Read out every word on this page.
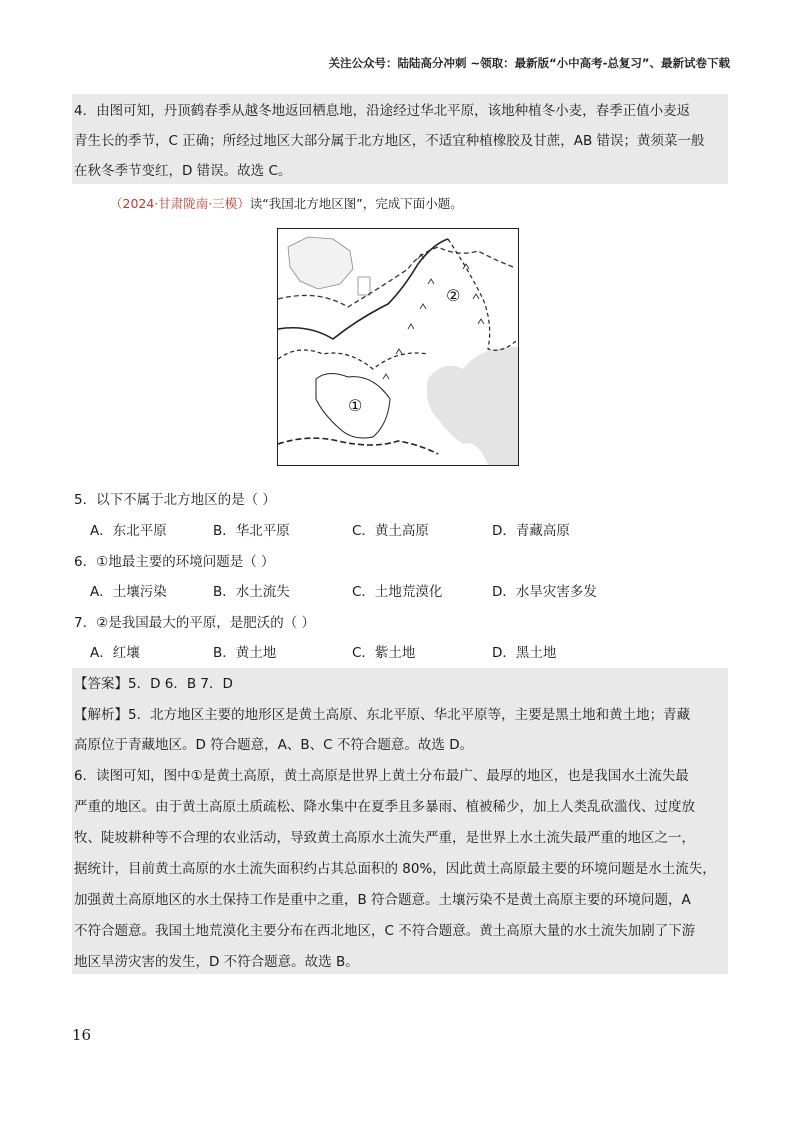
关注公众号：陆陆高分冲刺 ~领取：最新版“小中高考-总复习”、最新试卷下载
4．由图可知，丹顶鹤春季从越冬地返回栖息地，沿途经过华北平原，该地种植冬小麦，春季正值小麦返
青生长的季节，C 正确；所经过地区大部分属于北方地区，不适宜种植橡胶及甘蔗，AB 错误；黄须菜一般
在秋冬季节变红，D 错误。故选 C。
（2024·甘肃陇南·三模）读“我国北方地区图”，完成下面小题。
②
①
5．以下不属于北方地区的是（ ）
A．东北平原	B．华北平原	C．黄土高原	D．青藏高原
6．①地最主要的环境问题是（ ）
A．土壤污染	B．水土流失	C．土地荒漠化	D．水旱灾害多发
7．②是我国最大的平原，是肥沃的（ ）
A．红壤	B．黄土地	C．紫土地	D．黑土地
【答案】5．D 6．B 7．D
【解析】5．北方地区主要的地形区是黄土高原、东北平原、华北平原等，主要是黑土地和黄土地；青藏
高原位于青藏地区。D 符合题意，A、B、C 不符合题意。故选 D。
6．读图可知，图中①是黄土高原，黄土高原是世界上黄土分布最广、最厚的地区，也是我国水土流失最
严重的地区。由于黄土高原土质疏松、降水集中在夏季且多暴雨、植被稀少，加上人类乱砍滥伐、过度放
牧、陡坡耕种等不合理的农业活动，导致黄土高原水土流失严重，是世界上水土流失最严重的地区之一，
据统计，目前黄土高原的水土流失面积约占其总面积的 80%，因此黄土高原最主要的环境问题是水土流失，
加强黄土高原地区的水土保持工作是重中之重，B 符合题意。土壤污染不是黄土高原主要的环境问题，A
不符合题意。我国土地荒漠化主要分布在西北地区，C 不符合题意。黄土高原大量的水土流失加剧了下游
地区旱涝灾害的发生，D 不符合题意。故选 B。
16
